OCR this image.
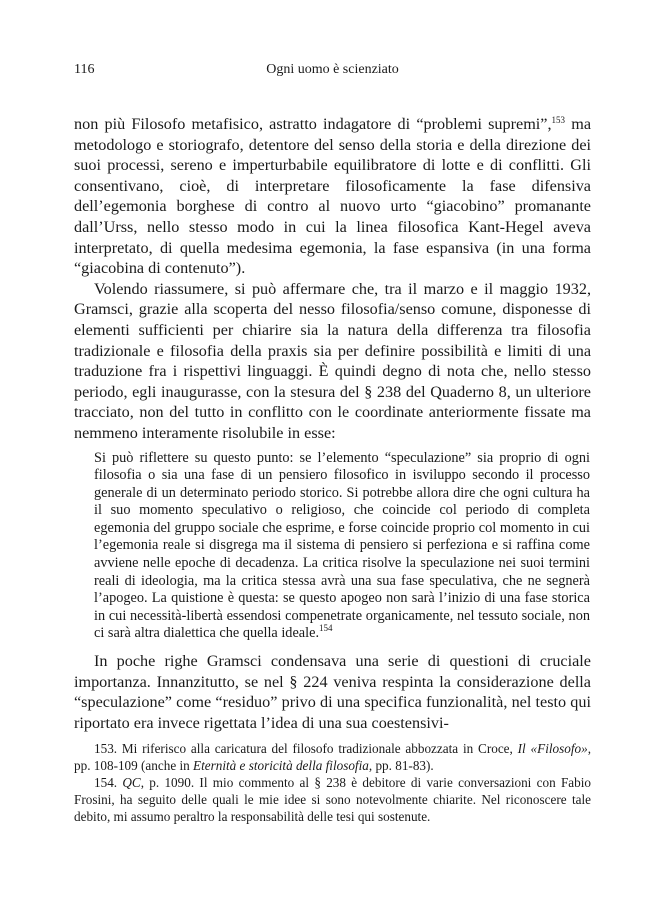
116	Ogni uomo è scienziato

non più Filosofo metafisico, astratto indagatore di “problemi supremi”,$^{153}$ ma metodologo e storiografo, detentore del senso della storia e della direzione dei suoi processi, sereno e imperturbabile equilibratore di lotte e di conflitti. Gli consentivano, cioè, di interpretare filosoficamente la fase difensiva dell’egemonia borghese di contro al nuovo urto “giacobino” promanante dall’Urss, nello stesso modo in cui la linea filosofica Kant-Hegel aveva interpretato, di quella medesima egemonia, la fase espansiva (in una forma “giacobina di contenuto”).

Volendo riassumere, si può affermare che, tra il marzo e il maggio 1932, Gramsci, grazie alla scoperta del nesso filosofia/senso comune, disponesse di elementi sufficienti per chiarire sia la natura della differenza tra filosofia tradizionale e filosofia della praxis sia per definire possibilità e limiti di una traduzione fra i rispettivi linguaggi. È quindi degno di nota che, nello stesso periodo, egli inaugurasse, con la stesura del § 238 del Quaderno 8, un ulteriore tracciato, non del tutto in conflitto con le coordinate anteriormente fissate ma nemmeno interamente risolubile in esse:

Si può riflettere su questo punto: se l’elemento “speculazione” sia proprio di ogni filosofia o sia una fase di un pensiero filosofico in isviluppo secondo il processo generale di un determinato periodo storico. Si potrebbe allora dire che ogni cultura ha il suo momento speculativo o religioso, che coincide col periodo di completa egemonia del gruppo sociale che esprime, e forse coincide proprio col momento in cui l’egemonia reale si disgrega ma il sistema di pensiero si perfeziona e si raffina come avviene nelle epoche di decadenza. La critica risolve la speculazione nei suoi termini reali di ideologia, ma la critica stessa avrà una sua fase speculativa, che ne segnerà l’apogeo. La quistione è questa: se questo apogeo non sarà l’inizio di una fase storica in cui necessità-libertà essendosi compenetrate organicamente, nel tessuto sociale, non ci sarà altra dialettica che quella ideale.$^{154}$

In poche righe Gramsci condensava una serie di questioni di cruciale importanza. Innanzitutto, se nel § 224 veniva respinta la considerazione della “speculazione” come “residuo” privo di una specifica funzionalità, nel testo qui riportato era invece rigettata l’idea di una sua coestensivi-

153. Mi riferisco alla caricatura del filosofo tradizionale abbozzata in Croce, Il «Filosofo», pp. 108-109 (anche in Eternità e storicità della filosofia, pp. 81-83).

154. QC, p. 1090. Il mio commento al § 238 è debitore di varie conversazioni con Fabio Frosini, ha seguito delle quali le mie idee si sono notevolmente chiarite. Nel riconoscere tale debito, mi assumo peraltro la responsabilità delle tesi qui sostenute.
